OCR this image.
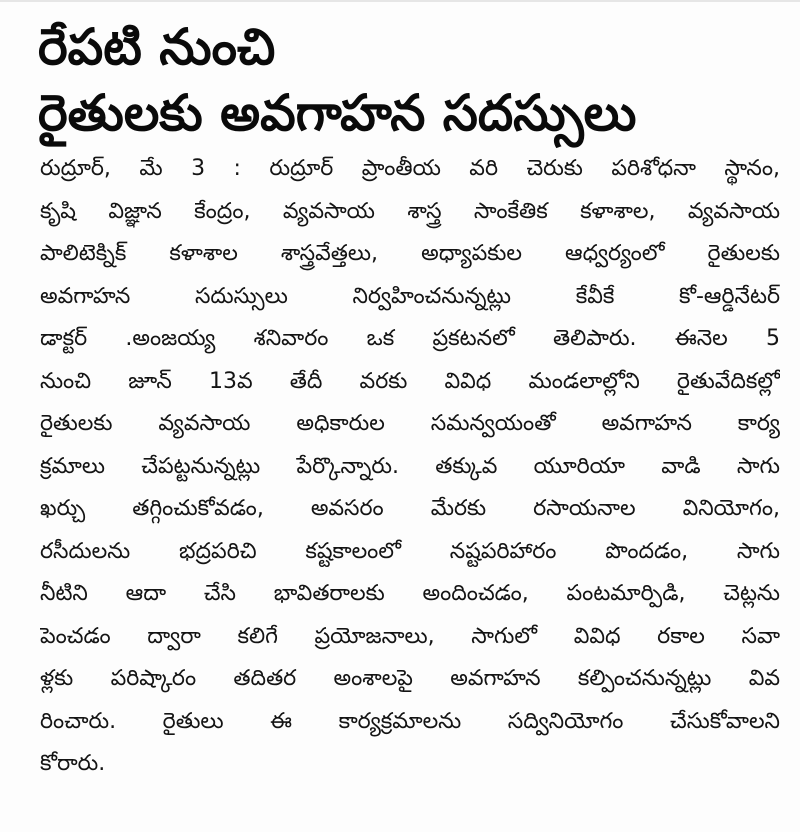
రేపటి నుంచి
రైతులకు అవగాహన సదస్సులు
రుద్రూర్, మే 3 : రుద్రూర్ ప్రాంతీయ వరి చెరుకు పరిశోధనా స్థానం,
కృషి విజ్ఞాన కేంద్రం, వ్యవసాయ శాస్త్ర సాంకేతిక కళాశాల, వ్యవసాయ
పాలిటెక్నిక్ కళాశాల శాస్త్రవేత్తలు, అధ్యాపకుల ఆధ్వర్యంలో రైతులకు
అవగాహన సదుస్సులు నిర్వహించనున్నట్లు కేవీకే కో-ఆర్డినేటర్
డాక్టర్ .అంజయ్య శనివారం ఒక ప్రకటనలో తెలిపారు. ఈనెల 5
నుంచి జూన్ 13వ తేదీ వరకు వివిధ మండలాల్లోని రైతువేదికల్లో
రైతులకు వ్యవసాయ అధికారుల సమన్వయంతో అవగాహన కార్య
క్రమాలు చేపట్టనున్నట్లు పేర్కొన్నారు. తక్కువ యూరియా వాడి సాగు
ఖర్చు తగ్గించుకోవడం, అవసరం మేరకు రసాయనాల వినియోగం,
రసీదులను భద్రపరిచి కష్టకాలంలో నష్టపరిహారం పొందడం, సాగు
నీటిని ఆదా చేసి భావితరాలకు అందించడం, పంటమార్పిడి, చెట్లను
పెంచడం ద్వారా కలిగే ప్రయోజనాలు, సాగులో వివిధ రకాల సవా
ళ్లకు పరిష్కారం తదితర అంశాలపై అవగాహన కల్పించనున్నట్లు వివ
రించారు. రైతులు ఈ కార్యక్రమాలను సద్వినియోగం చేసుకోవాలని
కోరారు.
